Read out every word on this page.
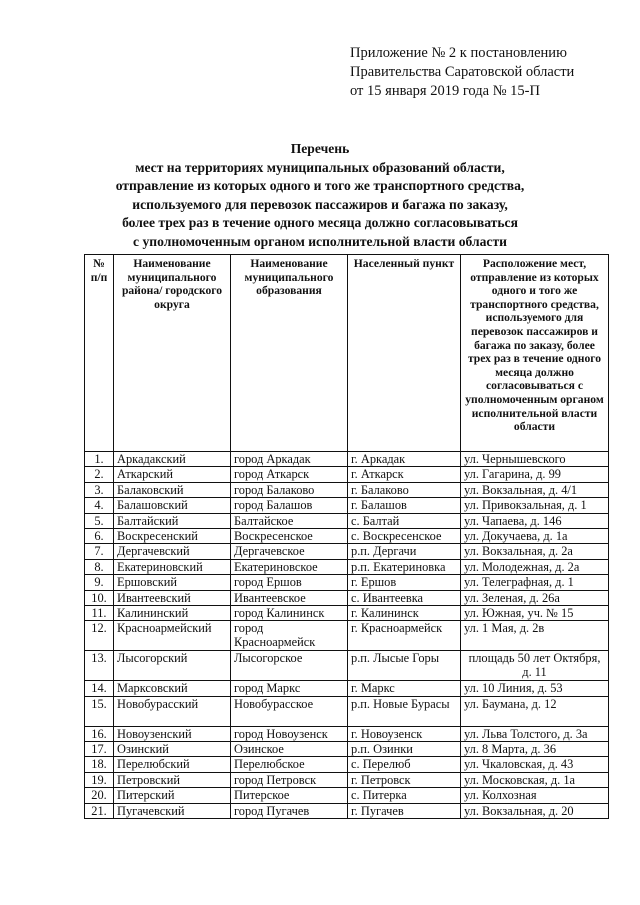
Приложение № 2 к постановлению
Правительства Саратовской области
от 15 января 2019 года № 15-П
Перечень
мест на территориях муниципальных образований области,
отправление из которых одного и того же транспортного средства,
используемого для перевозок пассажиров и багажа по заказу,
более трех раз в течение одного месяца должно согласовываться
с уполномоченным органом исполнительной власти области
№ п/п	Наименование муниципального района/ городского округа	Наименование муниципального образования	Населенный пункт	Расположение мест, отправление из которых одного и того же транспортного средства, используемого для перевозок пассажиров и багажа по заказу, более трех раз в течение одного месяца должно согласовываться с уполномоченным органом исполнительной власти области
1.	Аркадакский	город Аркадак	г. Аркадак	ул. Чернышевского
2.	Аткарский	город Аткарск	г. Аткарск	ул. Гагарина, д. 99
3.	Балаковский	город Балаково	г. Балаково	ул. Вокзальная, д. 4/1
4.	Балашовский	город Балашов	г. Балашов	ул. Привокзальная, д. 1
5.	Балтайский	Балтайское	с. Балтай	ул. Чапаева, д. 146
6.	Воскресенский	Воскресенское	с. Воскресенское	ул. Докучаева, д. 1а
7.	Дергачевский	Дергачевское	р.п. Дергачи	ул. Вокзальная, д. 2а
8.	Екатериновский	Екатериновское	р.п. Екатериновка	ул. Молодежная, д. 2а
9.	Ершовский	город Ершов	г. Ершов	ул. Телеграфная, д. 1
10.	Ивантеевский	Ивантеевское	с. Ивантеевка	ул. Зеленая, д. 26а
11.	Калининский	город Калининск	г. Калининск	ул. Южная, уч. № 15
12.	Красноармейский	город Красноармейск	г. Красноармейск	ул. 1 Мая, д. 2в
13.	Лысогорский	Лысогорское	р.п. Лысые Горы	площадь 50 лет Октября, д. 11
14.	Марксовский	город Маркс	г. Маркс	ул. 10 Линия, д. 53
15.	Новобурасский	Новобурасское	р.п. Новые Бурасы	ул. Баумана, д. 12
16.	Новоузенский	город Новоузенск	г. Новоузенск	ул. Льва Толстого, д. 3а
17.	Озинский	Озинское	р.п. Озинки	ул. 8 Марта, д. 36
18.	Перелюбский	Перелюбское	с. Перелюб	ул. Чкаловская, д. 43
19.	Петровский	город Петровск	г. Петровск	ул. Московская, д. 1а
20.	Питерский	Питерское	с. Питерка	ул. Колхозная
21.	Пугачевский	город Пугачев	г. Пугачев	ул. Вокзальная, д. 20
